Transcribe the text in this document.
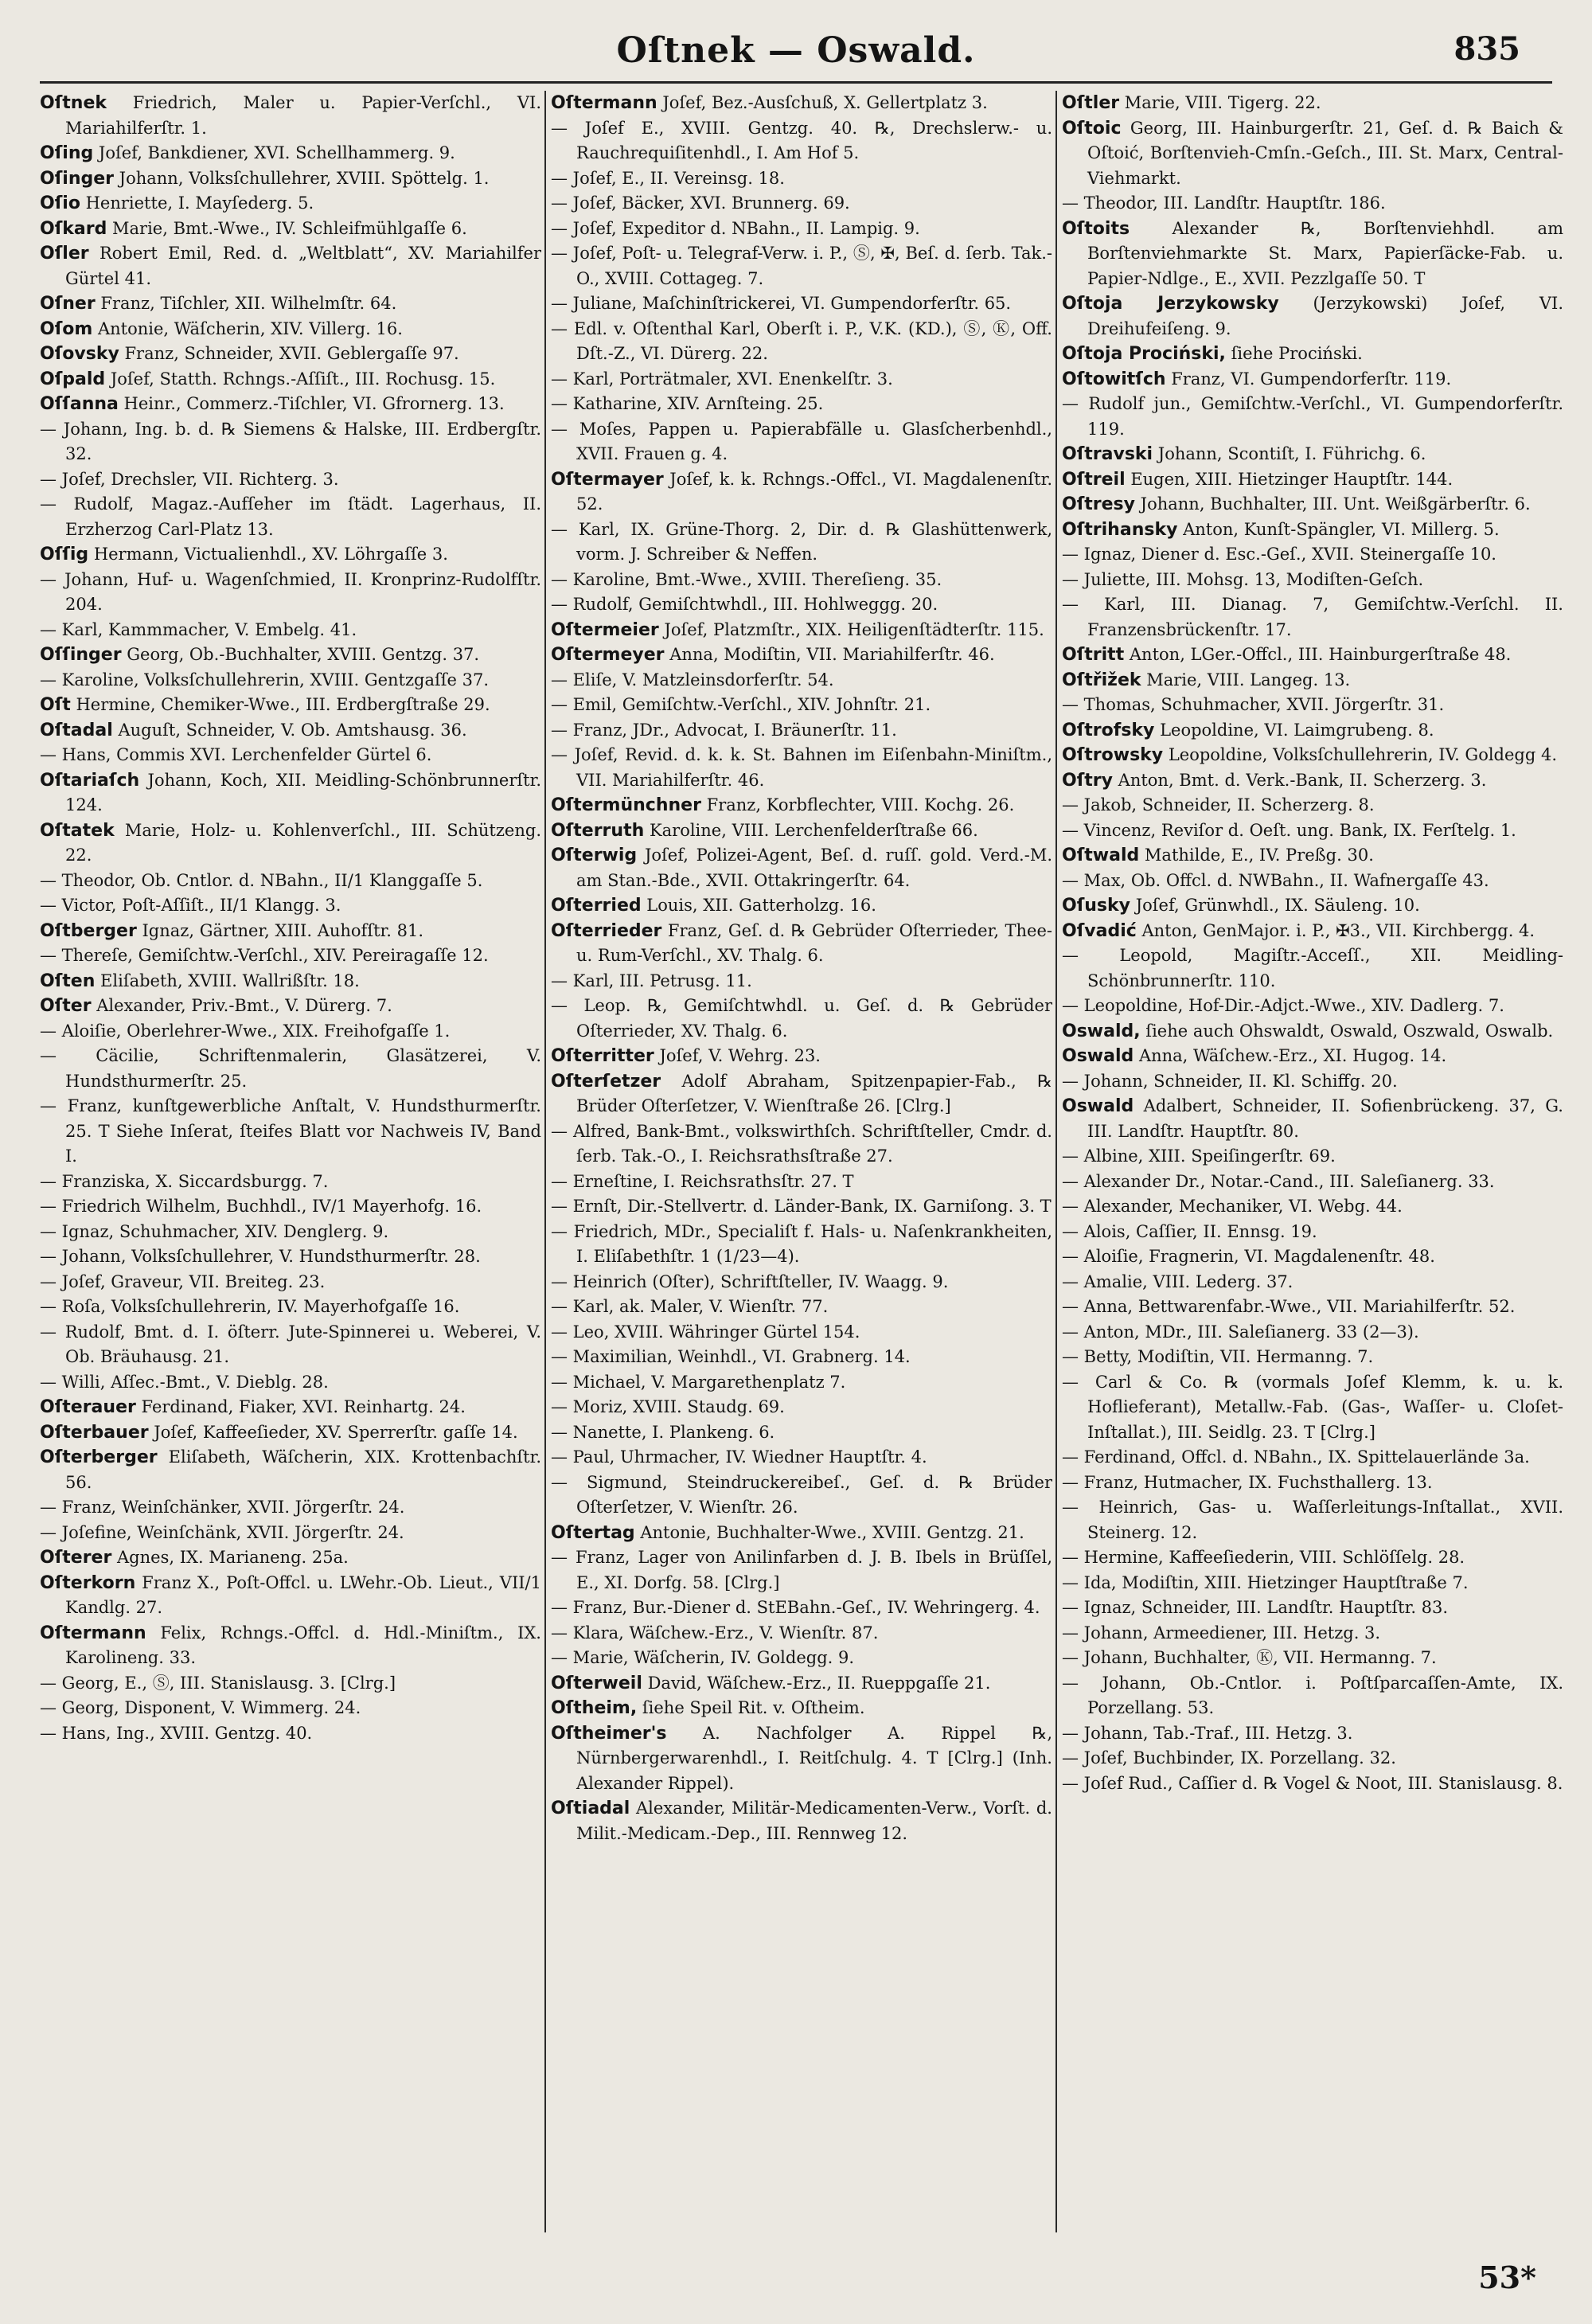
Oſtnek — Oswald.	835

Oſtnek Friedrich, Maler u. Papier-Verſchl., VI. Mariahilferſtr. 1.

Oſing Joſef, Bankdiener, XVI. Schellhammerg. 9.

Oſinger Johann, Volksſchullehrer, XVIII. Spöttelg. 1.

Oſio Henriette, I. Mayſederg. 5.

Oſkard Marie, Bmt.-Wwe., IV. Schleifmühlgaſſe 6.

Oſler Robert Emil, Red. d. „Weltblatt“, XV. Mariahilfer Gürtel 41.

Oſner Franz, Tiſchler, XII. Wilhelmſtr. 64.

Oſom Antonie, Wäſcherin, XIV. Villerg. 16.

Oſovsky Franz, Schneider, XVII. Geblergaſſe 97.

Oſpald Joſef, Statth. Rchngs.-Aſſiſt., III. Rochusg. 15.

Oſſanna Heinr., Commerz.-Tiſchler, VI. Gfrornerg. 13.

— Johann, Ing. b. d. ℞ Siemens & Halske, III. Erdbergſtr. 32.

— Joſef, Drechsler, VII. Richterg. 3.

— Rudolf, Magaz.-Aufſeher im ſtädt. Lagerhaus, II. Erzherzog Carl-Platz 13.

Oſſig Hermann, Victualienhdl., XV. Löhrgaſſe 3.

— Johann, Huf- u. Wagenſchmied, II. Kronprinz-Rudolfſtr. 204.

— Karl, Kammmacher, V. Embelg. 41.

Oſſinger Georg, Ob.-Buchhalter, XVIII. Gentzg. 37.

— Karoline, Volksſchullehrerin, XVIII. Gentzgaſſe 37.

Oſt Hermine, Chemiker-Wwe., III. Erdbergſtraße 29.

Oſtadal Auguſt, Schneider, V. Ob. Amtshausg. 36.

— Hans, Commis XVI. Lerchenfelder Gürtel 6.

Oſtariaſch Johann, Koch, XII. Meidling-Schönbrunnerſtr. 124.

Oſtatek Marie, Holz- u. Kohlenverſchl., III. Schützeng. 22.

— Theodor, Ob. Cntlor. d. NBahn., II/1 Klanggaſſe 5.

— Victor, Poſt-Aſſiſt., II/1 Klangg. 3.

Oſtberger Ignaz, Gärtner, XIII. Auhofſtr. 81.

— Thereſe, Gemiſchtw.-Verſchl., XIV. Pereiragaſſe 12.

Oſten Eliſabeth, XVIII. Wallrißſtr. 18.

Oſter Alexander, Priv.-Bmt., V. Dürerg. 7.

— Aloiſie, Oberlehrer-Wwe., XIX. Freihofgaſſe 1.

— Cäcilie, Schriftenmalerin, Glasätzerei, V. Hundsthurmerſtr. 25.

— Franz, kunſtgewerbliche Anſtalt, V. Hundsthurmerſtr. 25. T Siehe Inſerat, ſteifes Blatt vor Nachweis IV, Band I.

— Franziska, X. Siccardsburgg. 7.

— Friedrich Wilhelm, Buchhdl., IV/1 Mayerhofg. 16.

— Ignaz, Schuhmacher, XIV. Denglerg. 9.

— Johann, Volksſchullehrer, V. Hundsthurmerſtr. 28.

— Joſef, Graveur, VII. Breiteg. 23.

— Roſa, Volksſchullehrerin, IV. Mayerhofgaſſe 16.

— Rudolf, Bmt. d. I. öſterr. Jute-Spinnerei u. Weberei, V. Ob. Bräuhausg. 21.

— Willi, Aſſec.-Bmt., V. Dieblg. 28.

Oſterauer Ferdinand, Fiaker, XVI. Reinhartg. 24.

Oſterbauer Joſef, Kaffeeſieder, XV. Sperrerſtr. gaſſe 14.

Oſterberger Eliſabeth, Wäſcherin, XIX. Krottenbachſtr. 56.

— Franz, Weinſchänker, XVII. Jörgerſtr. 24.

— Joſefine, Weinſchänk, XVII. Jörgerſtr. 24.

Oſterer Agnes, IX. Marianeng. 25a.

Oſterkorn Franz X., Poſt-Offcl. u. LWehr.-Ob. Lieut., VII/1 Kandlg. 27.

Oſtermann Felix, Rchngs.-Offcl. d. Hdl.-Miniſtm., IX. Karolineng. 33.

— Georg, E., Ⓢ, III. Stanislausg. 3. [Clrg.]

— Georg, Disponent, V. Wimmerg. 24.

— Hans, Ing., XVIII. Gentzg. 40.

Oſtermann Joſef, Bez.-Ausſchuß, X. Gellertplatz 3.

— Joſef E., XVIII. Gentzg. 40. ℞, Drechslerw.- u. Rauchrequiſitenhdl., I. Am Hof 5.

— Joſef, E., II. Vereinsg. 18.

— Joſef, Bäcker, XVI. Brunnerg. 69.

— Joſef, Expeditor d. NBahn., II. Lampig. 9.

— Joſef, Poſt- u. Telegraf-Verw. i. P., Ⓢ, ✠, Beſ. d. ſerb. Tak.-O., XVIII. Cottageg. 7.

— Juliane, Maſchinſtrickerei, VI. Gumpendorferſtr. 65.

— Edl. v. Oſtenthal Karl, Oberſt i. P., V.K. (KD.), Ⓢ, Ⓚ, Off. Dſt.-Z., VI. Dürerg. 22.

— Karl, Porträtmaler, XVI. Enenkelſtr. 3.

— Katharine, XIV. Arnſteing. 25.

— Moſes, Pappen u. Papierabfälle u. Glasſcherbenhdl., XVII. Frauen g. 4.

Oſtermayer Joſef, k. k. Rchngs.-Offcl., VI. Magdalenenſtr. 52.

— Karl, IX. Grüne-Thorg. 2, Dir. d. ℞ Glashüttenwerk, vorm. J. Schreiber & Neffen.

— Karoline, Bmt.-Wwe., XVIII. Thereſieng. 35.

— Rudolf, Gemiſchtwhdl., III. Hohlweggg. 20.

Oſtermeier Joſef, Platzmſtr., XIX. Heiligenſtädterſtr. 115.

Oſtermeyer Anna, Modiſtin, VII. Mariahilferſtr. 46.

— Eliſe, V. Matzleinsdorferſtr. 54.

— Emil, Gemiſchtw.-Verſchl., XIV. Johnſtr. 21.

— Franz, JDr., Advocat, I. Bräunerſtr. 11.

— Joſef, Revid. d. k. k. St. Bahnen im Eiſenbahn-Miniſtm., VII. Mariahilferſtr. 46.

Oſtermünchner Franz, Korbflechter, VIII. Kochg. 26.

Oſterruth Karoline, VIII. Lerchenfelderſtraße 66.

Oſterwig Joſef, Polizei-Agent, Beſ. d. ruſſ. gold. Verd.-M. am Stan.-Bde., XVII. Ottakringerſtr. 64.

Oſterried Louis, XII. Gatterholzg. 16.

Oſterrieder Franz, Geſ. d. ℞ Gebrüder Oſterrieder, Thee- u. Rum-Verſchl., XV. Thalg. 6.

— Karl, III. Petrusg. 11.

— Leop. ℞, Gemiſchtwhdl. u. Geſ. d. ℞ Gebrüder Oſterrieder, XV. Thalg. 6.

Oſterritter Joſef, V. Wehrg. 23.

Oſterſetzer Adolf Abraham, Spitzenpapier-Fab., ℞ Brüder Oſterſetzer, V. Wienſtraße 26. [Clrg.]

— Alfred, Bank-Bmt., volkswirthſch. Schriftſteller, Cmdr. d. ſerb. Tak.-O., I. Reichsrathsſtraße 27.

— Erneſtine, I. Reichsrathsſtr. 27. T

— Ernſt, Dir.-Stellvertr. d. Länder-Bank, IX. Garniſong. 3. T

— Friedrich, MDr., Specialiſt f. Hals- u. Naſenkrankheiten, I. Eliſabethſtr. 1 (1/23—4).

— Heinrich (Oſter), Schriftſteller, IV. Waagg. 9.

— Karl, ak. Maler, V. Wienſtr. 77.

— Leo, XVIII. Währinger Gürtel 154.

— Maximilian, Weinhdl., VI. Grabnerg. 14.

— Michael, V. Margarethenplatz 7.

— Moriz, XVIII. Staudg. 69.

— Nanette, I. Plankeng. 6.

— Paul, Uhrmacher, IV. Wiedner Hauptſtr. 4.

— Sigmund, Steindruckereibeſ., Geſ. d. ℞ Brüder Oſterſetzer, V. Wienſtr. 26.

Oſtertag Antonie, Buchhalter-Wwe., XVIII. Gentzg. 21.

— Franz, Lager von Anilinfarben d. J. B. Ibels in Brüſſel, E., XI. Dorfg. 58. [Clrg.]

— Franz, Bur.-Diener d. StEBahn.-Geſ., IV. Wehringerg. 4.

— Klara, Wäſchew.-Erz., V. Wienſtr. 87.

— Marie, Wäſcherin, IV. Goldegg. 9.

Oſterweil David, Wäſchew.-Erz., II. Rueppgaſſe 21.

Oſtheim, ſiehe Speil Rit. v. Oſtheim.

Oſtheimer's A. Nachfolger A. Rippel ℞, Nürnbergerwarenhdl., I. Reitſchulg. 4. T [Clrg.] (Inh. Alexander Rippel).

Oſtiadal Alexander, Militär-Medicamenten-Verw., Vorſt. d. Milit.-Medicam.-Dep., III. Rennweg 12.

Oſtler Marie, VIII. Tigerg. 22.

Oſtoic Georg, III. Hainburgerſtr. 21, Geſ. d. ℞ Baich & Oſtoić, Borſtenvieh-Cmſn.-Geſch., III. St. Marx, Central-Viehmarkt.

— Theodor, III. Landſtr. Hauptſtr. 186.

Oſtoits Alexander ℞, Borſtenviehhdl. am Borſtenviehmarkte St. Marx, Papierſäcke-Fab. u. Papier-Ndlge., E., XVII. Pezzlgaſſe 50. T

Oſtoja Jerzykowsky (Jerzykowski) Joſef, VI. Dreihufeiſeng. 9.

Oſtoja Prociński, ſiehe Prociński.

Oſtowitſch Franz, VI. Gumpendorferſtr. 119.

— Rudolf jun., Gemiſchtw.-Verſchl., VI. Gumpendorferſtr. 119.

Oſtravski Johann, Scontiſt, I. Führichg. 6.

Oſtreil Eugen, XIII. Hietzinger Hauptſtr. 144.

Oſtresy Johann, Buchhalter, III. Unt. Weißgärberſtr. 6.

Oſtrihansky Anton, Kunſt-Spängler, VI. Millerg. 5.

— Ignaz, Diener d. Esc.-Geſ., XVII. Steinergaſſe 10.

— Juliette, III. Mohsg. 13, Modiſten-Geſch.

— Karl, III. Dianag. 7, Gemiſchtw.-Verſchl. II. Franzensbrückenſtr. 17.

Oſtritt Anton, LGer.-Offcl., III. Hainburgerſtraße 48.

Oſtřižek Marie, VIII. Langeg. 13.

— Thomas, Schuhmacher, XVII. Jörgerſtr. 31.

Oſtrofsky Leopoldine, VI. Laimgrubeng. 8.

Oſtrowsky Leopoldine, Volksſchullehrerin, IV. Goldegg 4.

Oſtry Anton, Bmt. d. Verk.-Bank, II. Scherzerg. 3.

— Jakob, Schneider, II. Scherzerg. 8.

— Vincenz, Reviſor d. Oeſt. ung. Bank, IX. Ferſtelg. 1.

Oſtwald Mathilde, E., IV. Preßg. 30.

— Max, Ob. Offcl. d. NWBahn., II. Wafnergaſſe 43.

Oſusky Joſef, Grünwhdl., IX. Säuleng. 10.

Oſvadić Anton, GenMajor. i. P., ✠3., VII. Kirchbergg. 4.

— Leopold, Magiſtr.-Acceſſ., XII. Meidling-Schönbrunnerſtr. 110.

— Leopoldine, Hof-Dir.-Adjct.-Wwe., XIV. Dadlerg. 7.

Oswald, ſiehe auch Ohswaldt, Oswald, Oszwald, Oswalb.

Oswald Anna, Wäſchew.-Erz., XI. Hugog. 14.

— Johann, Schneider, II. Kl. Schiffg. 20.

Oswald Adalbert, Schneider, II. Sofienbrückeng. 37, G. III. Landſtr. Hauptſtr. 80.

— Albine, XIII. Speiſingerſtr. 69.

— Alexander Dr., Notar.-Cand., III. Saleſianerg. 33.

— Alexander, Mechaniker, VI. Webg. 44.

— Alois, Caſſier, II. Ennsg. 19.

— Aloiſie, Fragnerin, VI. Magdalenenſtr. 48.

— Amalie, VIII. Lederg. 37.

— Anna, Bettwarenfabr.-Wwe., VII. Mariahilferſtr. 52.

— Anton, MDr., III. Saleſianerg. 33 (2—3).

— Betty, Modiſtin, VII. Hermanng. 7.

— Carl & Co. ℞ (vormals Joſef Klemm, k. u. k. Hoflieferant), Metallw.-Fab. (Gas-, Waſſer- u. Cloſet-Inſtallat.), III. Seidlg. 23. T [Clrg.]

— Ferdinand, Offcl. d. NBahn., IX. Spittelauerlände 3a.

— Franz, Hutmacher, IX. Fuchsthallerg. 13.

— Heinrich, Gas- u. Waſſerleitungs-Inſtallat., XVII. Steinerg. 12.

— Hermine, Kaffeeſiederin, VIII. Schlöſſelg. 28.

— Ida, Modiſtin, XIII. Hietzinger Hauptſtraße 7.

— Ignaz, Schneider, III. Landſtr. Hauptſtr. 83.

— Johann, Armeediener, III. Hetzg. 3.

— Johann, Buchhalter, Ⓚ, VII. Hermanng. 7.

— Johann, Ob.-Cntlor. i. Poſtſparcaſſen-Amte, IX. Porzellang. 53.

— Johann, Tab.-Traf., III. Hetzg. 3.

— Joſef, Buchbinder, IX. Porzellang. 32.

— Joſef Rud., Caſſier d. ℞ Vogel & Noot, III. Stanislausg. 8.

53*
